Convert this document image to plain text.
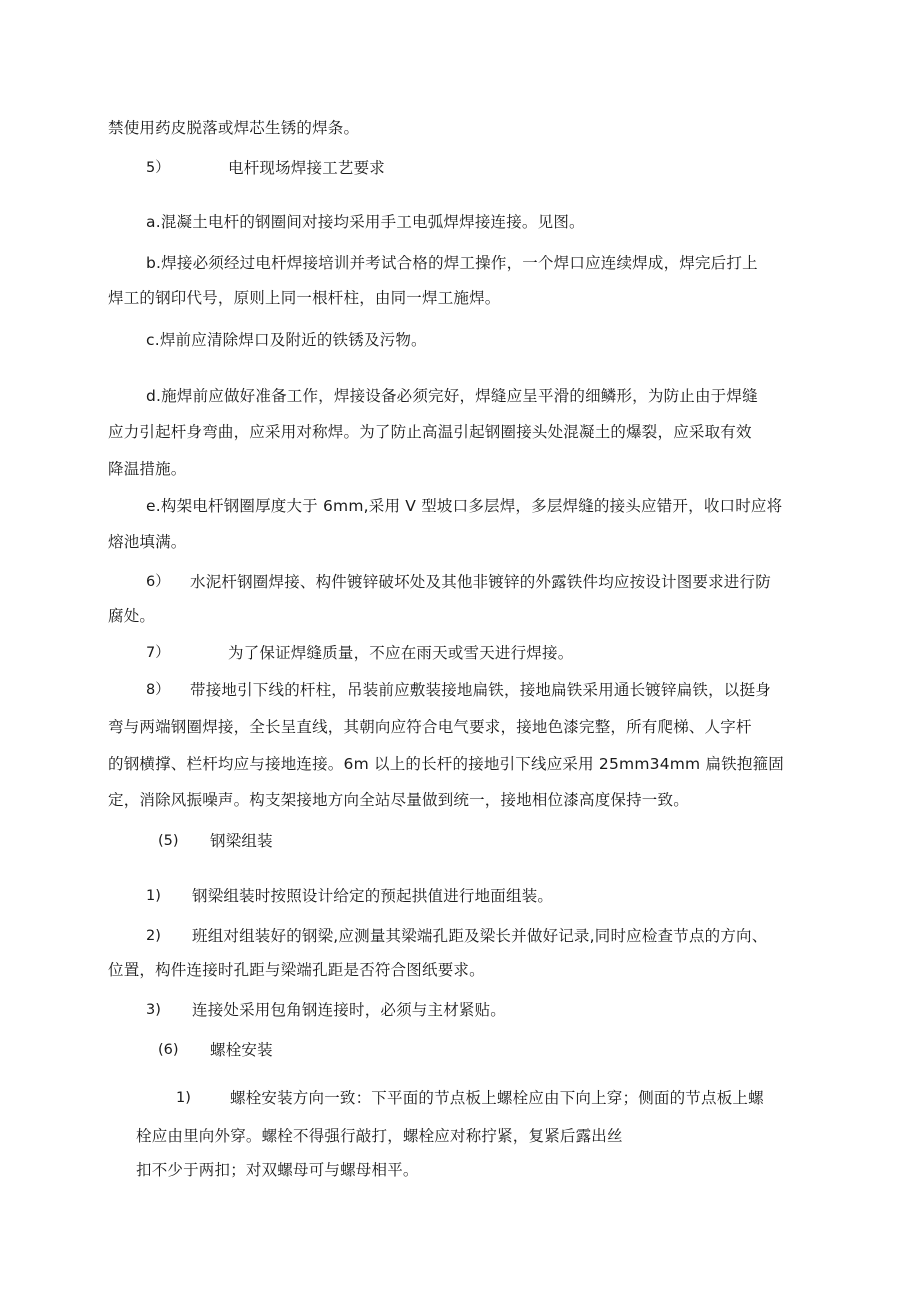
禁使用药皮脱落或焊芯生锈的焊条。
5）	电杆现场焊接工艺要求
a.混凝土电杆的钢圈间对接均采用手工电弧焊焊接连接。见图。
b.焊接必须经过电杆焊接培训并考试合格的焊工操作，一个焊口应连续焊成，焊完后打上
焊工的钢印代号，原则上同一根杆柱，由同一焊工施焊。
c.焊前应清除焊口及附近的铁锈及污物。
d.施焊前应做好准备工作，焊接设备必须完好，焊缝应呈平滑的细鳞形，为防止由于焊缝
应力引起杆身弯曲，应采用对称焊。为了防止高温引起钢圈接头处混凝土的爆裂，应采取有效
降温措施。
e.构架电杆钢圈厚度大于 6mm,采用 V 型坡口多层焊，多层焊缝的接头应错开，收口时应将
熔池填满。
6） 水泥杆钢圈焊接、构件镀锌破坏处及其他非镀锌的外露铁件均应按设计图要求进行防
腐处。
7）	为了保证焊缝质量，不应在雨天或雪天进行焊接。
8） 带接地引下线的杆柱，吊装前应敷装接地扁铁，接地扁铁采用通长镀锌扁铁，以挺身
弯与两端钢圈焊接，全长呈直线，其朝向应符合电气要求，接地色漆完整，所有爬梯、人字杆
的钢横撑、栏杆均应与接地连接。6m 以上的长杆的接地引下线应采用 25mm34mm 扁铁抱箍固
定，消除风振噪声。构支架接地方向全站尽量做到统一，接地相位漆高度保持一致。
(5) 钢梁组装
1) 钢梁组装时按照设计给定的预起拱值进行地面组装。
2) 班组对组装好的钢梁,应测量其梁端孔距及梁长并做好记录,同时应检查节点的方向、
位置，构件连接时孔距与梁端孔距是否符合图纸要求。
3) 连接处采用包角钢连接时，必须与主材紧贴。
(6) 螺栓安装
1)	螺栓安装方向一致：下平面的节点板上螺栓应由下向上穿；侧面的节点板上螺
栓应由里向外穿。螺栓不得强行敲打，螺栓应对称拧紧，复紧后露出丝
扣不少于两扣；对双螺母可与螺母相平。
